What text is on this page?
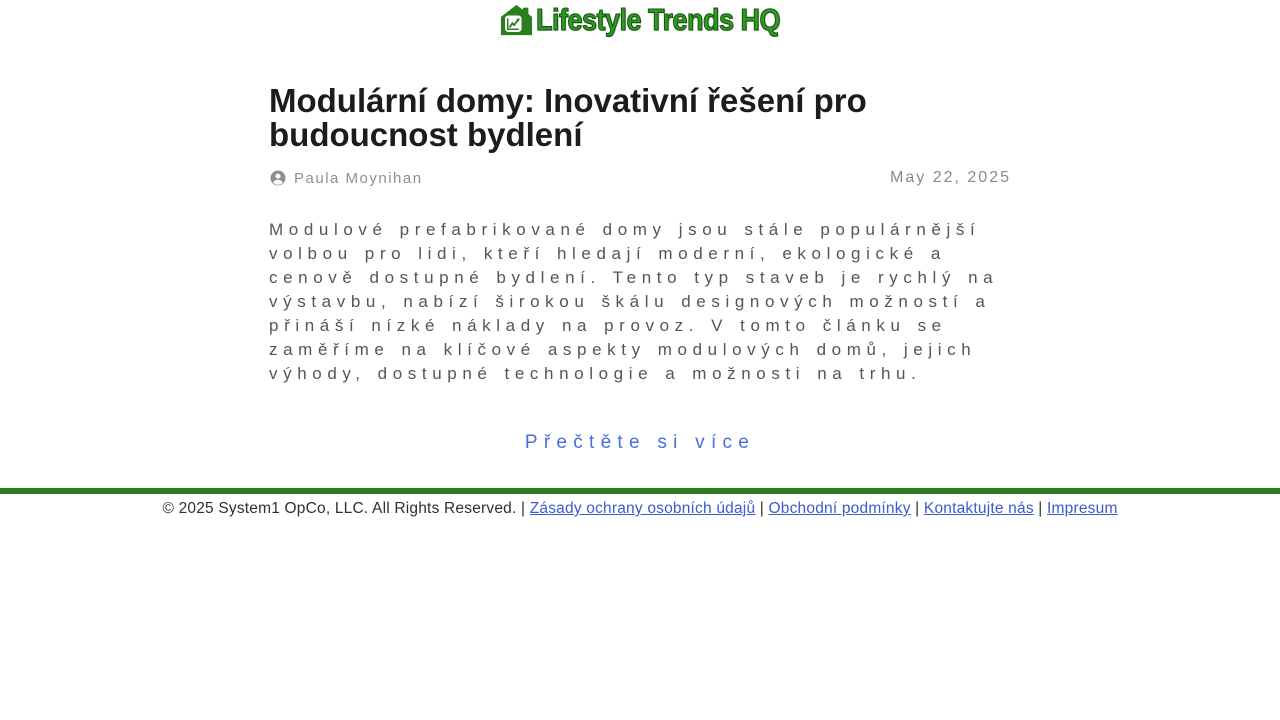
Lifestyle Trends HQ
Modulární domy: Inovativní řešení pro budoucnost bydlení
Paula Moynihan	May 22, 2025

Modulové prefabrikované domy jsou stále populárnější volbou pro lidi, kteří hledají moderní, ekologické a cenově dostupné bydlení. Tento typ staveb je rychlý na výstavbu, nabízí širokou škálu designových možností a přináší nízké náklady na provoz. V tomto článku se zaměříme na klíčové aspekty modulových domů, jejich výhody, dostupné technologie a možnosti na trhu.

Přečtěte si více

© 2025 System1 OpCo, LLC. All Rights Reserved. | Zásady ochrany osobních údajů | Obchodní podmínky | Kontaktujte nás | Impresum
